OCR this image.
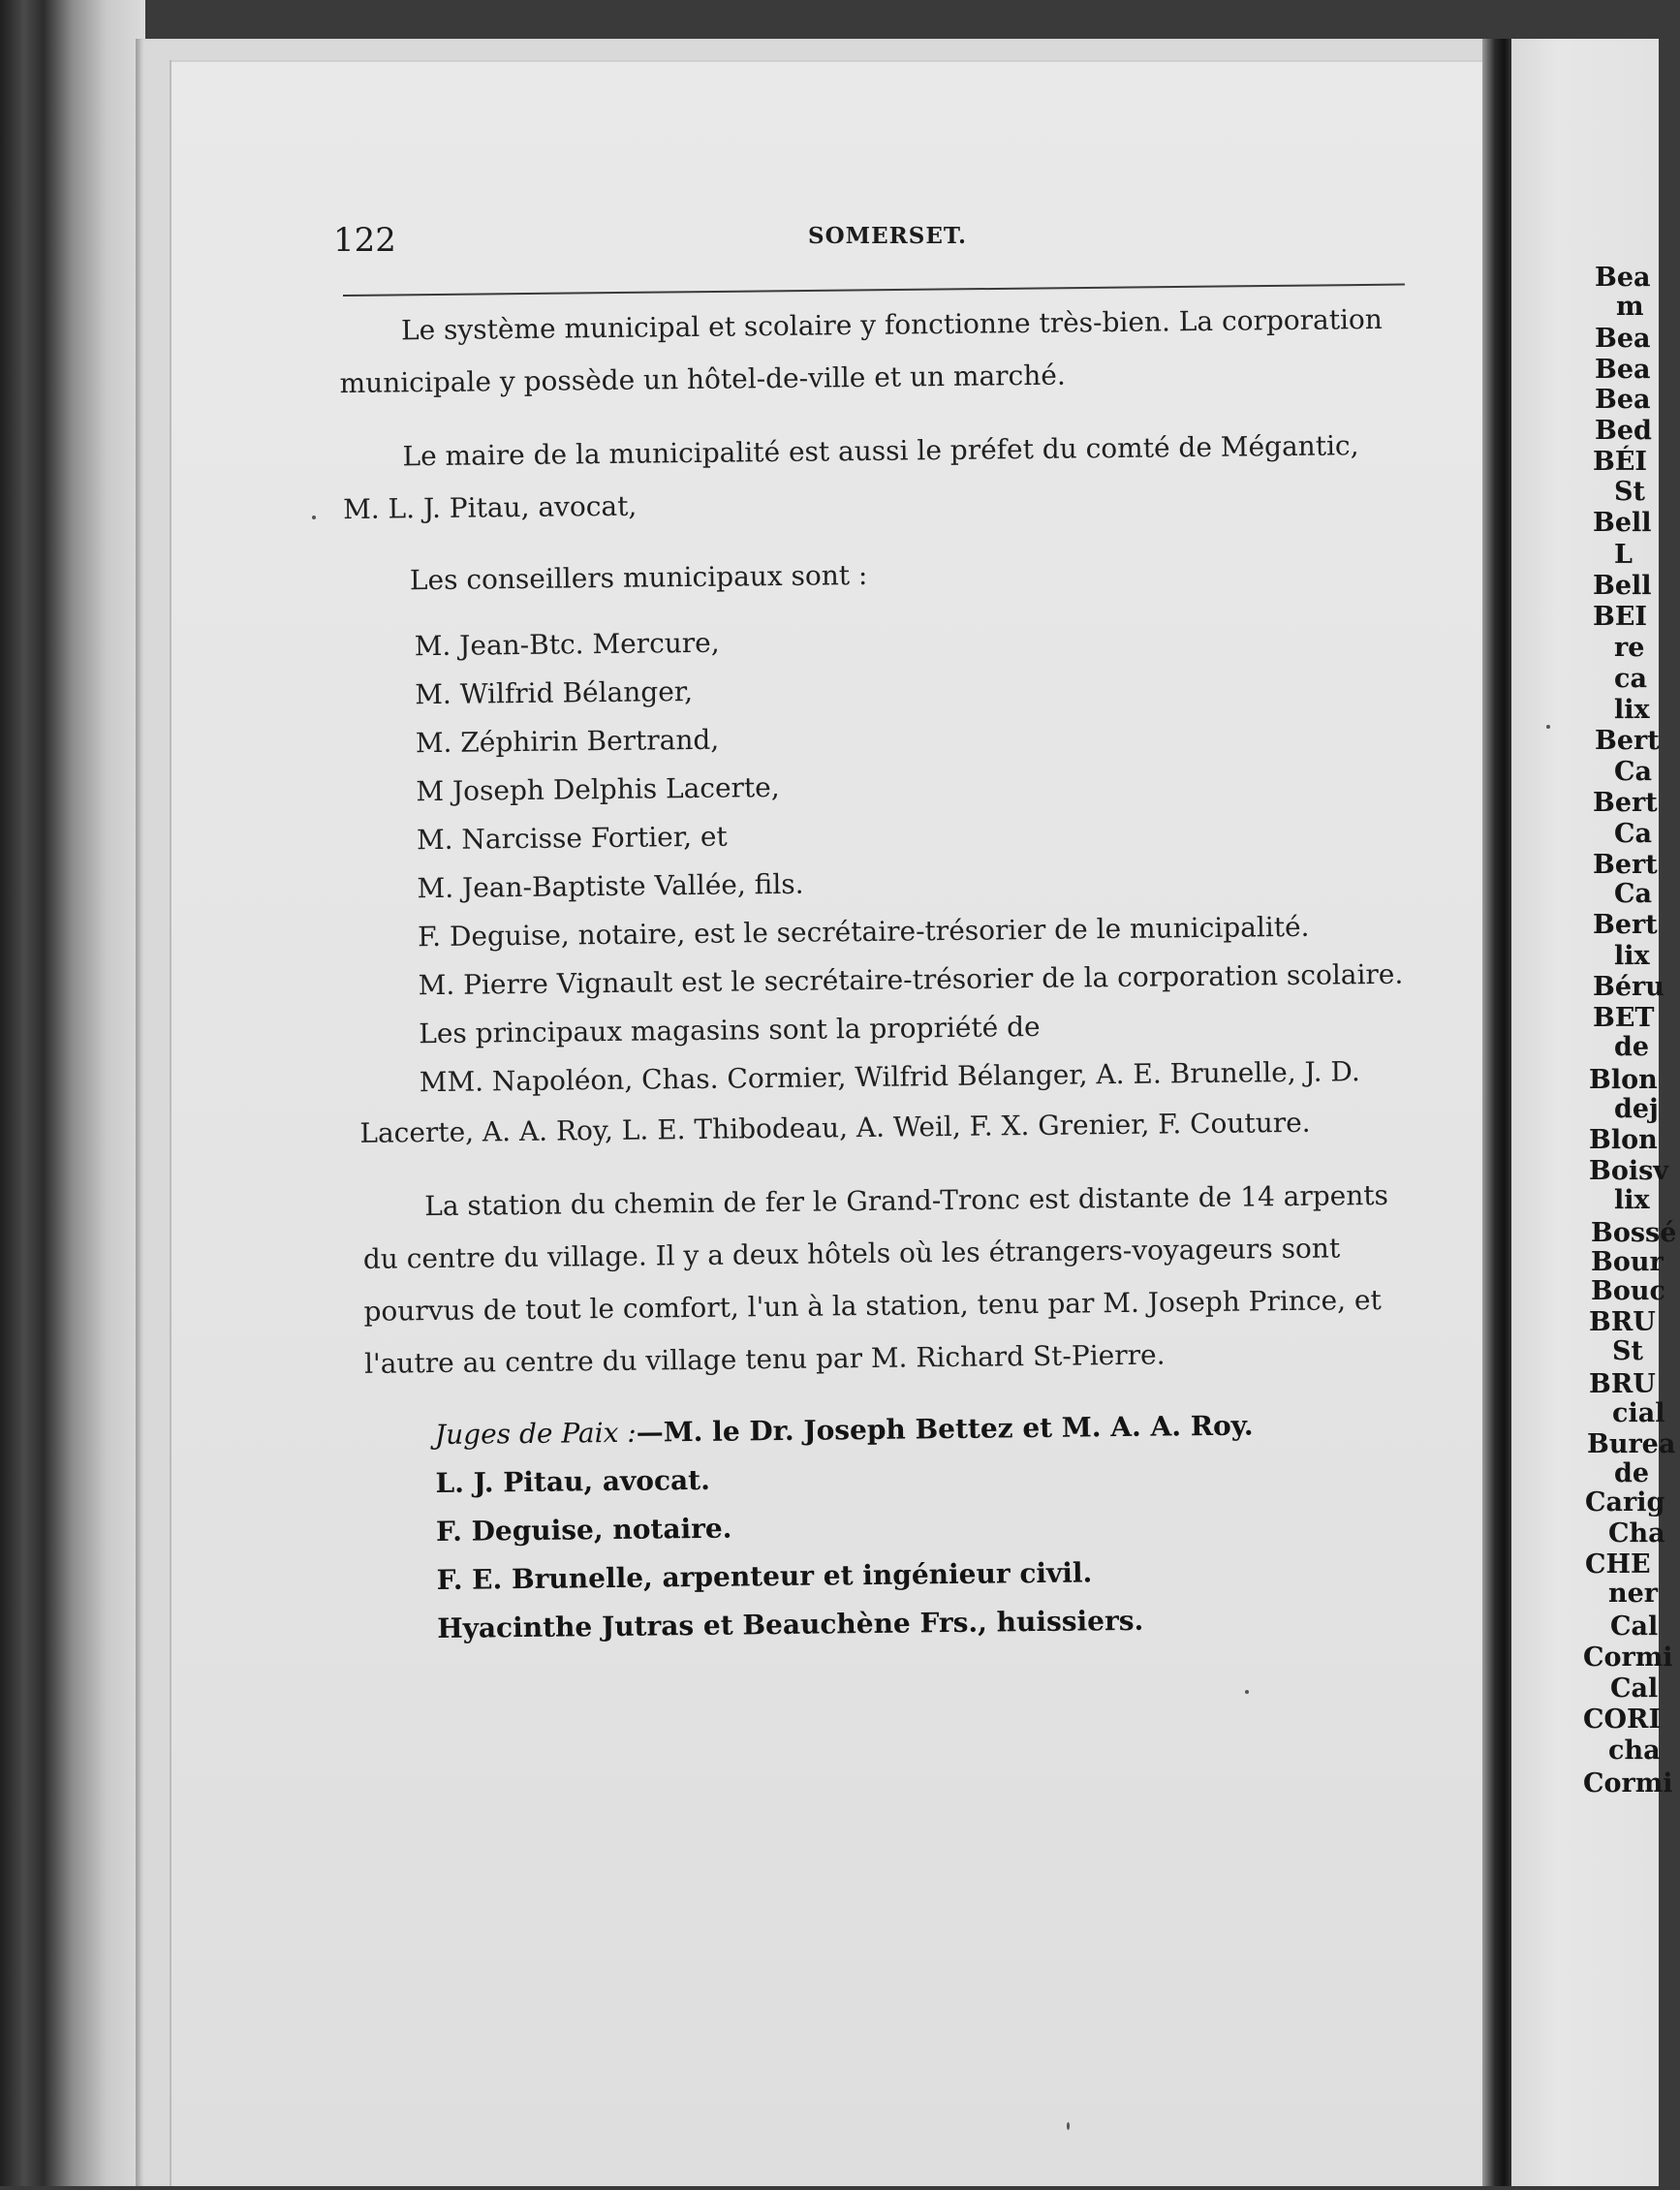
122	SOMERSET.
Le système municipal et scolaire y fonctionne très-bien. La corporation
municipale y possède un hôtel-de-ville et un marché.
Le maire de la municipalité est aussi le préfet du comté de Mégantic,
M. L. J. Pitau, avocat,
Les conseillers municipaux sont :
M. Jean-Btc. Mercure,
M. Wilfrid Bélanger,
M. Zéphirin Bertrand,
M Joseph Delphis Lacerte,
M. Narcisse Fortier, et
M. Jean-Baptiste Vallée, fils.
F. Deguise, notaire, est le secrétaire-trésorier de le municipalité.
M. Pierre Vignault est le secrétaire-trésorier de la corporation scolaire.
Les principaux magasins sont la propriété de
MM. Napoléon, Chas. Cormier, Wilfrid Bélanger, A. E. Brunelle, J. D.
Lacerte, A. A. Roy, L. E. Thibodeau, A. Weil, F. X. Grenier, F. Couture.
La station du chemin de fer le Grand-Tronc est distante de 14 arpents
du centre du village. Il y a deux hôtels où les étrangers-voyageurs sont
pourvus de tout le comfort, l'un à la station, tenu par M. Joseph Prince, et
l'autre au centre du village tenu par M. Richard St-Pierre.
Juges de Paix :—M. le Dr. Joseph Bettez et M. A. A. Roy.
L. J. Pitau, avocat.
F. Deguise, notaire.
F. E. Brunelle, arpenteur et ingénieur civil.
Hyacinthe Jutras et Beauchène Frs., huissiers.
Bea
m
Bea
Bea
Bea
Bed
BÉI
St
Bell
L
Bell
BEI
re
ca
lix
Bert
Ca
Bert
Ca
Bert
Ca
Bert
lix
Béru
BET
de
Blon
dej
Blon
Boisv
lix
Bossé
Bour
Bouc
BRU
St
BRU
cial
Burea
de
Carig
Cha
CHE
ner
Cal
Cormi
Cal
CORI
cha
Cormi
